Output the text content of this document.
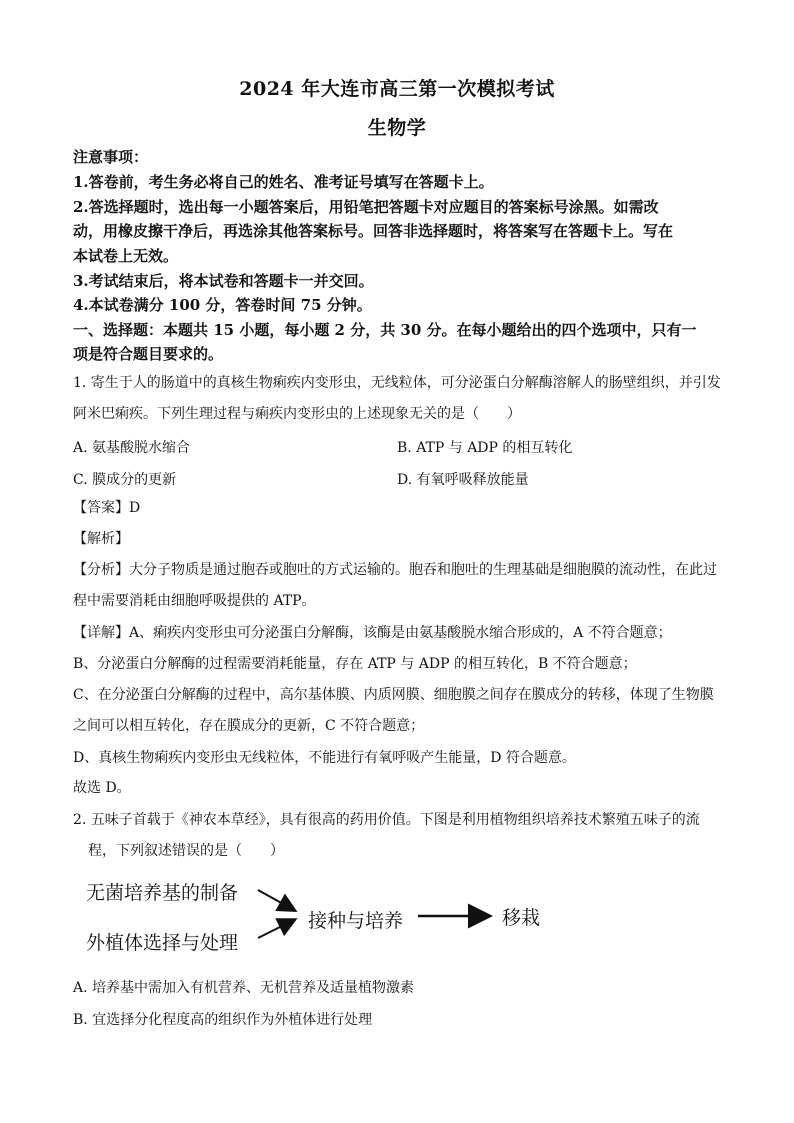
2024 年大连市高三第一次模拟考试
生物学
注意事项：
1.答卷前，考生务必将自己的姓名、准考证号填写在答题卡上。
2.答选择题时，选出每一小题答案后，用铅笔把答题卡对应题目的答案标号涂黑。如需改
动，用橡皮擦干净后，再选涂其他答案标号。回答非选择题时，将答案写在答题卡上。写在
本试卷上无效。
3.考试结束后，将本试卷和答题卡一并交回。
4.本试卷满分 100 分，答卷时间 75 分钟。
一、选择题：本题共 15 小题，每小题 2 分，共 30 分。在每小题给出的四个选项中，只有一
项是符合题目要求的。
1. 寄生于人的肠道中的真核生物痢疾内变形虫，无线粒体，可分泌蛋白分解酶溶解人的肠壁组织，并引发
阿米巴痢疾。下列生理过程与痢疾内变形虫的上述现象无关的是（　　）
A. 氨基酸脱水缩合	B. ATP 与 ADP 的相互转化
C. 膜成分的更新	D. 有氧呼吸释放能量
【答案】D
【解析】
【分析】大分子物质是通过胞吞或胞吐的方式运输的。胞吞和胞吐的生理基础是细胞膜的流动性，在此过
程中需要消耗由细胞呼吸提供的 ATP。
【详解】A、痢疾内变形虫可分泌蛋白分解酶，该酶是由氨基酸脱水缩合形成的，A 不符合题意；
B、分泌蛋白分解酶的过程需要消耗能量，存在 ATP 与 ADP 的相互转化，B 不符合题意；
C、在分泌蛋白分解酶的过程中，高尔基体膜、内质网膜、细胞膜之间存在膜成分的转移，体现了生物膜
之间可以相互转化，存在膜成分的更新，C 不符合题意；
D、真核生物痢疾内变形虫无线粒体，不能进行有氧呼吸产生能量，D 符合题意。
故选 D。
2. 五味子首载于《神农本草经》，具有很高的药用价值。下图是利用植物组织培养技术繁殖五味子的流
程，下列叙述错误的是（　　）
无菌培养基的制备
外植体选择与处理
接种与培养	移栽
A. 培养基中需加入有机营养、无机营养及适量植物激素
B. 宜选择分化程度高的组织作为外植体进行处理
